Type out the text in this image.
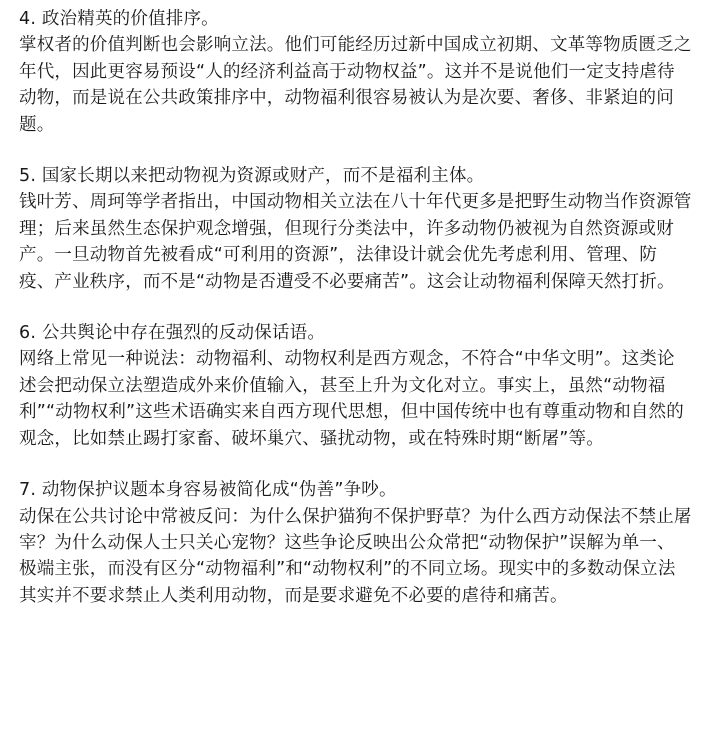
4. 政治精英的价值排序。

掌权者的价值判断也会影响立法。他们可能经历过新中国成立初期、文革等物质匮乏之年代，因此更容易预设“人的经济利益高于动物权益”。这并不是说他们一定支持虐待动物，而是说在公共政策排序中，动物福利很容易被认为是次要、奢侈、非紧迫的问题。

5. 国家长期以来把动物视为资源或财产，而不是福利主体。

钱叶芳、周珂等学者指出，中国动物相关立法在八十年代更多是把野生动物当作资源管理；后来虽然生态保护观念增强，但现行分类法中，许多动物仍被视为自然资源或财产。一旦动物首先被看成“可利用的资源”，法律设计就会优先考虑利用、管理、防疫、产业秩序，而不是“动物是否遭受不必要痛苦”。这会让动物福利保障天然打折。

6. 公共舆论中存在强烈的反动保话语。

网络上常见一种说法：动物福利、动物权利是西方观念，不符合“中华文明”。这类论述会把动保立法塑造成外来价值输入，甚至上升为文化对立。事实上，虽然“动物福利”“动物权利”这些术语确实来自西方现代思想，但中国传统中也有尊重动物和自然的观念，比如禁止踢打家畜、破坏巢穴、骚扰动物，或在特殊时期“断屠”等。

7. 动物保护议题本身容易被简化成“伪善”争吵。

动保在公共讨论中常被反问：为什么保护猫狗不保护野草？为什么西方动保法不禁止屠宰？为什么动保人士只关心宠物？这些争论反映出公众常把“动物保护”误解为单一、极端主张，而没有区分“动物福利”和“动物权利”的不同立场。现实中的多数动保立法其实并不要求禁止人类利用动物，而是要求避免不必要的虐待和痛苦。
